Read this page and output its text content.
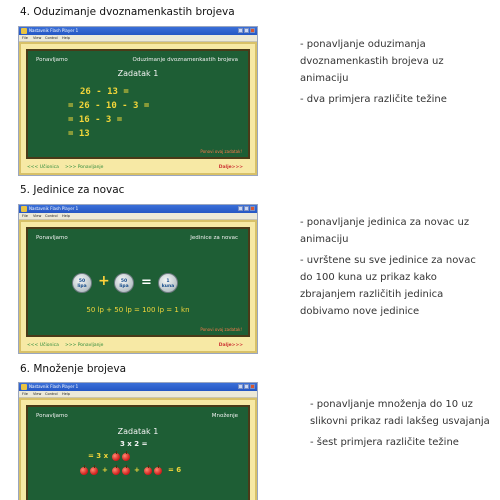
4. Oduzimanje dvoznamenkastih brojeva
Nastavnik Flash Player 1
File View Control Help
Ponavljamo	Oduzimanje dvoznamenkastih brojeva
Zadatak 1
26 - 13 =
= 26 - 10 - 3 =
= 16 - 3 =
= 13
Ponovi ovaj zadatak!
<<< Učionica >>> Ponavljanje	Dalje>>>
- ponavljanje oduzimanja dvoznamenkastih brojeva uz animaciju
- dva primjera različite težine
5. Jedinice za novac
Nastavnik Flash Player 1
File View Control Help
Ponavljamo	Jedinice za novac
50
lipa +	50
lipa =	1
kuna
50 lp + 50 lp = 100 lp = 1 kn
Ponovi ovaj zadatak!
<<< Učionica >>> Ponavljanje	Dalje>>>
- ponavljanje jedinica za novac uz animaciju
- uvrštene su sve jedinice za novac do 100 kuna uz prikaz kako zbrajanjem različitih jedinica dobivamo nove jedinice
6. Množenje brojeva
Nastavnik Flash Player 1
File View Control Help
Ponavljamo	Množenje
Zadatak 1
3 x 2 =
= 3 x
+	+	= 6
- ponavljanje množenja do 10 uz slikovni prikaz radi lakšeg usvajanja
- šest primjera različite težine
